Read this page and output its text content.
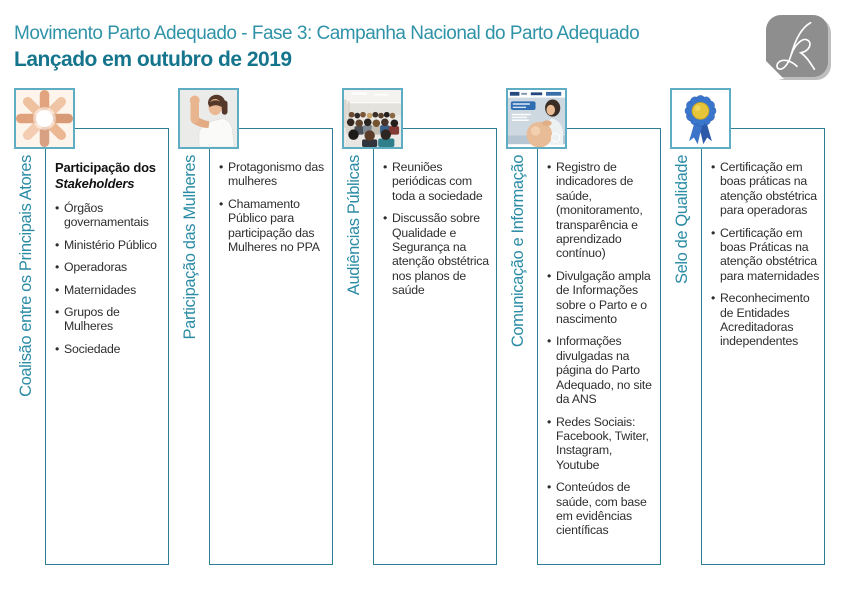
Movimento Parto Adequado - Fase 3: Campanha Nacional do Parto Adequado
Lançado em outubro de 2019

Participação dos
Stakeholders

• Órgãos governamentais
• Ministério Público
• Operadoras
• Maternidades
• Grupos de Mulheres
• Sociedade
Coalisão entre os Principais Atores	• Protagonismo das mulheres
• Chamamento Público para participação das Mulheres no PPA
Participação das Mulheres	• Reuniões periódicas com toda a sociedade
• Discussão sobre Qualidade e Segurança na atenção obstétrica nos planos de saúde
Audiências Públicas	• Registro de indicadores de saúde, (monitoramento, transparência e aprendizado contínuo)
• Divulgação ampla de Informações sobre o Parto e o nascimento
• Informações divulgadas na página do Parto Adequado, no site da ANS
• Redes Sociais: Facebook, Twiter, Instagram, Youtube
• Conteúdos de saúde, com base em evidências científicas
Comunicação e Informação	• Certificação em boas práticas na atenção obstétrica para operadoras
• Certificação em boas Práticas na atenção obstétrica para maternidades
• Reconhecimento de Entidades Acreditadoras independentes
Selo de Qualidade
